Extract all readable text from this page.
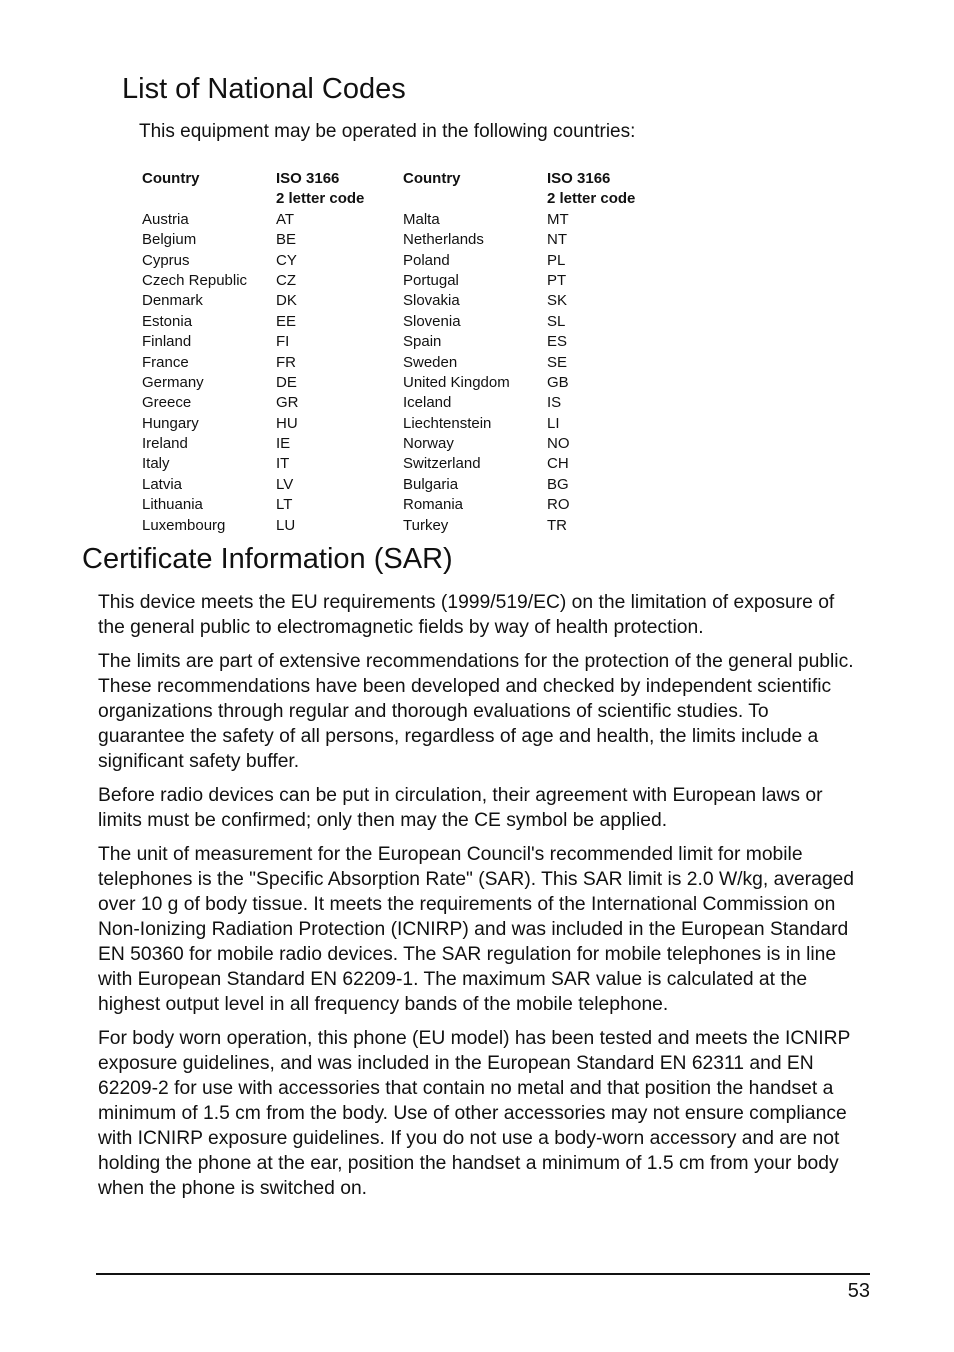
List of National Codes

This equipment may be operated in the following countries:

Country
Austria
Belgium
Cyprus
Czech Republic
Denmark
Estonia
Finland
France
Germany
Greece
Hungary
Ireland
Italy
Latvia
Lithuania
Luxembourg
ISO 3166
2 letter code
AT
BE
CY
CZ
DK
EE
FI
FR
DE
GR
HU
IE
IT
LV
LT
LU
Country
Malta
Netherlands
Poland
Portugal
Slovakia
Slovenia
Spain
Sweden
United Kingdom
Iceland
Liechtenstein
Norway
Switzerland
Bulgaria
Romania
Turkey
ISO 3166
2 letter code
MT
NT
PL
PT
SK
SL
ES
SE
GB
IS
LI
NO
CH
BG
RO
TR
Certificate Information (SAR)

This device meets the EU requirements (1999/519/EC) on the limitation of exposure of the general public to electromagnetic fields by way of health protection.

The limits are part of extensive recommendations for the protection of the general public. These recommendations have been developed and checked by independent scientific organizations through regular and thorough evaluations of scientific studies. To guarantee the safety of all persons, regardless of age and health, the limits include a significant safety buffer.

Before radio devices can be put in circulation, their agreement with European laws or limits must be confirmed; only then may the CE symbol be applied.

The unit of measurement for the European Council's recommended limit for mobile telephones is the "Specific Absorption Rate" (SAR). This SAR limit is 2.0 W/kg, averaged over 10 g of body tissue. It meets the requirements of the International Commission on Non-Ionizing Radiation Protection (ICNIRP) and was included in the European Standard EN 50360 for mobile radio devices. The SAR regulation for mobile telephones is in line with European Standard EN 62209-1. The maximum SAR value is calculated at the highest output level in all frequency bands of the mobile telephone.

For body worn operation, this phone (EU model) has been tested and meets the ICNIRP exposure guidelines, and was included in the European Standard EN 62311 and EN 62209-2 for use with accessories that contain no metal and that position the handset a minimum of 1.5 cm from the body. Use of other accessories may not ensure compliance with ICNIRP exposure guidelines. If you do not use a body-worn accessory and are not holding the phone at the ear, position the handset a minimum of 1.5 cm from your body when the phone is switched on.

53
